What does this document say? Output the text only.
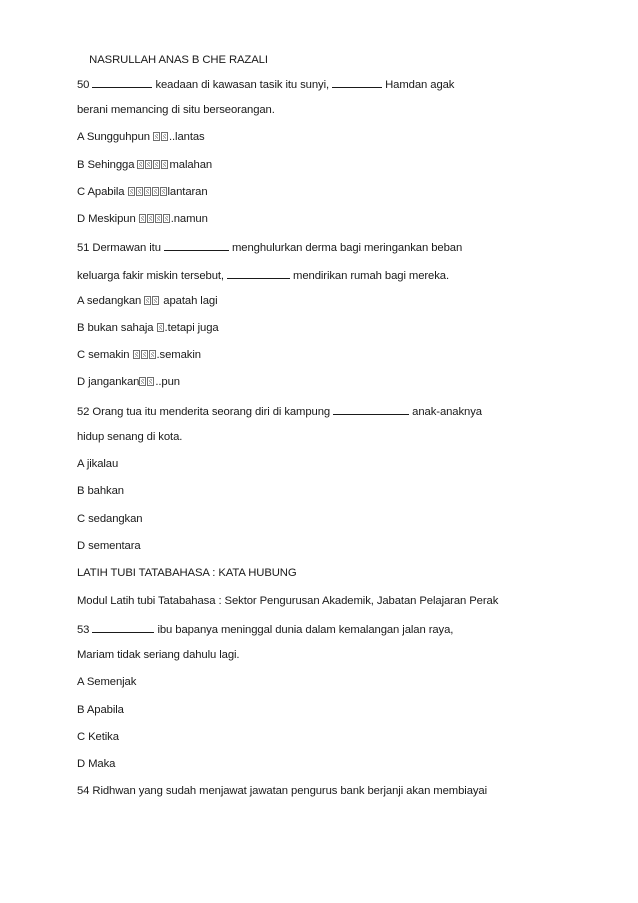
NASRULLAH ANAS B CHE RAZALI

50	keadaan di kawasan tasik itu sunyi,	Hamdan agak
berani memancing di situ berseorangan.
A Sungguhpun ..lantas
B Sehingga	malahan
C Apabila	lantaran
D Meskipun	.namun
51 Dermawan itu	menghulurkan derma bagi meringankan beban
keluarga fakir miskin tersebut,	mendirikan rumah bagi mereka.
A sedangkan  apatah lagi
B bukan sahaja .tetapi juga
C semakin .semakin
D jangankan ..pun
52 Orang tua itu menderita seorang diri di kampung	anak-anaknya
hidup senang di kota.
A jikalau
B bahkan
C sedangkan
D sementara
LATIH TUBI TATABAHASA : KATA HUBUNG
Modul Latih tubi Tatabahasa : Sektor Pengurusan Akademik, Jabatan Pelajaran Perak
53	ibu bapanya meninggal dunia dalam kemalangan jalan raya,
Mariam tidak seriang dahulu lagi.
A Semenjak
B Apabila
C Ketika
D Maka
54 Ridhwan yang sudah menjawat jawatan pengurus bank berjanji akan membiayai
